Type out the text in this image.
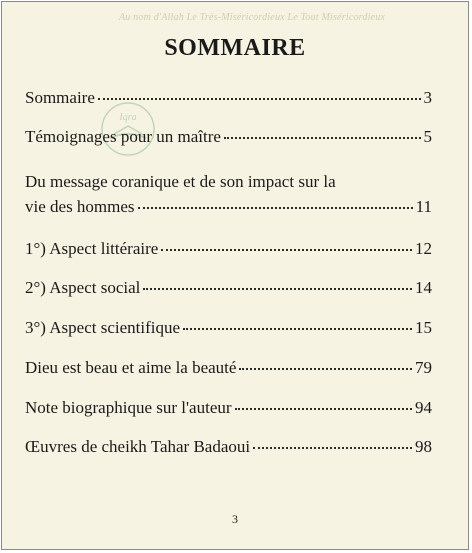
Au nom d'Allah Le Très-Miséricordieux Le Tout Miséricordieux
SOMMAIRE
Iqra
Sommaire	3
Témoignages pour un maître	5
Du message coranique et de son impact sur la
vie des hommes	11
1°) Aspect littéraire	12
2°) Aspect social	14
3°) Aspect scientifique	15
Dieu est beau et aime la beauté	79
Note biographique sur l'auteur	94
Œuvres de cheikh Tahar Badaoui	98
3
